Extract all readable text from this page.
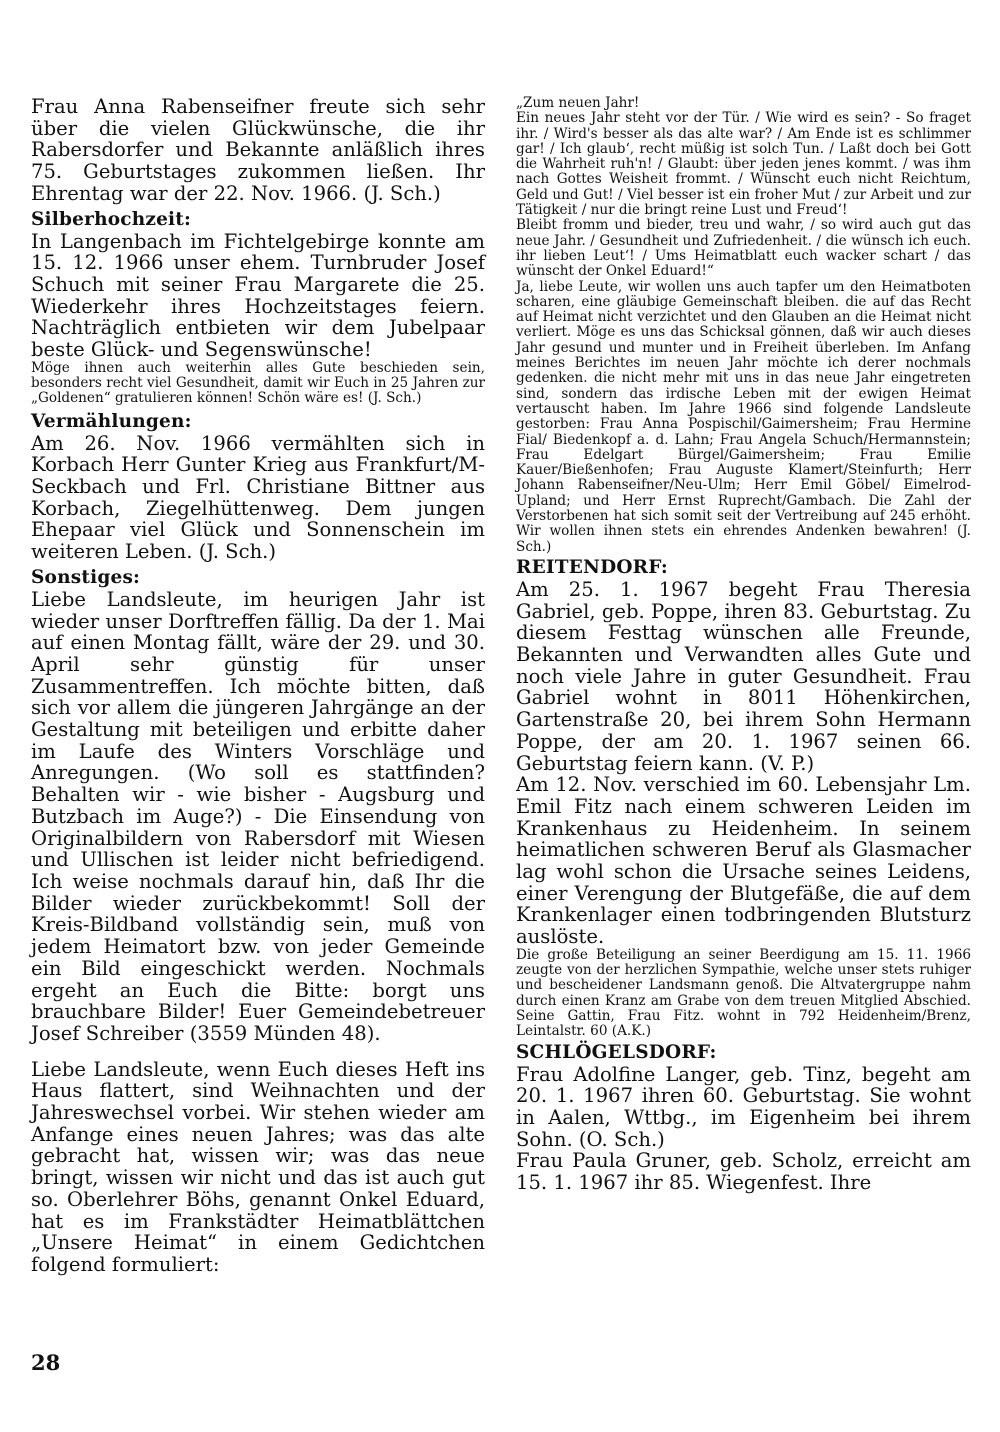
Frau Anna Rabenseifner freute sich sehr über die vielen Glückwünsche, die ihr Rabersdorfer und Bekannte anläßlich ihres 75. Geburtstages zukommen ließen. Ihr Ehrentag war der 22. Nov. 1966. (J. Sch.)

Silberhochzeit:

In Langenbach im Fichtelgebirge konnte am 15. 12. 1966 unser ehem. Turnbruder Josef Schuch mit seiner Frau Margarete die 25. Wiederkehr ihres Hochzeitstages feiern. Nachträglich entbieten wir dem Jubelpaar beste Glück- und Segenswünsche!

Möge ihnen auch weiterhin alles Gute beschieden sein, besonders recht viel Gesundheit, damit wir Euch in 25 Jahren zur „Goldenen“ gratulieren können! Schön wäre es! (J. Sch.)

Vermählungen:

Am 26. Nov. 1966 vermählten sich in Korbach Herr Gunter Krieg aus Frankfurt/M-Seckbach und Frl. Christiane Bittner aus Korbach, Ziegelhüttenweg. Dem jungen Ehepaar viel Glück und Sonnenschein im weiteren Leben. (J. Sch.)

Sonstiges:

Liebe Landsleute, im heurigen Jahr ist wieder unser Dorftreffen fällig. Da der 1. Mai auf einen Montag fällt, wäre der 29. und 30. April sehr günstig für unser Zusammentreffen. Ich möchte bitten, daß sich vor allem die jüngeren Jahrgänge an der Gestaltung mit beteiligen und erbitte daher im Laufe des Winters Vorschläge und Anregungen. (Wo soll es stattfinden? Behalten wir - wie bisher - Augsburg und Butzbach im Auge?) - Die Einsendung von Originalbildern von Rabersdorf mit Wiesen und Ullischen ist leider nicht befriedigend. Ich weise nochmals darauf hin, daß Ihr die Bilder wieder zurückbekommt! Soll der Kreis-Bildband vollständig sein, muß von jedem Heimatort bzw. von jeder Gemeinde ein Bild eingeschickt werden. Nochmals ergeht an Euch die Bitte: borgt uns brauchbare Bilder! Euer Gemeindebetreuer Josef Schreiber (3559 Münden 48).

Liebe Landsleute, wenn Euch dieses Heft ins Haus flattert, sind Weihnachten und der Jahreswechsel vorbei. Wir stehen wieder am Anfange eines neuen Jahres; was das alte gebracht hat, wissen wir; was das neue bringt, wissen wir nicht und das ist auch gut so. Oberlehrer Böhs, genannt Onkel Eduard, hat es im Frankstädter Heimatblättchen „Unsere Heimat“ in einem Gedichtchen folgend formuliert:

„Zum neuen Jahr!

Ein neues Jahr steht vor der Tür. / Wie wird es sein? - So fraget ihr. / Wird's besser als das alte war? / Am Ende ist es schlimmer gar! / Ich glaub‘, recht müßig ist solch Tun. / Laßt doch bei Gott die Wahrheit ruh'n! / Glaubt: über jeden jenes kommt. / was ihm nach Gottes Weisheit frommt. / Wünscht euch nicht Reichtum, Geld und Gut! / Viel besser ist ein froher Mut / zur Arbeit und zur Tätigkeit / nur die bringt reine Lust und Freud‘!

Bleibt fromm und bieder, treu und wahr, / so wird auch gut das neue Jahr. / Gesundheit und Zufriedenheit. / die wünsch ich euch. ihr lieben Leut‘! / Ums Heimatblatt euch wacker schart / das wünscht der Onkel Eduard!“

Ja, liebe Leute, wir wollen uns auch tapfer um den Heimatboten scharen, eine gläubige Gemeinschaft bleiben. die auf das Recht auf Heimat nicht verzichtet und den Glauben an die Heimat nicht verliert. Möge es uns das Schicksal gönnen, daß wir auch dieses Jahr gesund und munter und in Freiheit überleben. Im Anfang meines Berichtes im neuen Jahr möchte ich derer nochmals gedenken. die nicht mehr mit uns in das neue Jahr eingetreten sind, sondern das irdische Leben mit der ewigen Heimat vertauscht haben. Im Jahre 1966 sind folgende Landsleute gestorben: Frau Anna Pospischil/Gaimersheim; Frau Hermine Fial/ Biedenkopf a. d. Lahn; Frau Angela Schuch/Hermannstein; Frau Edelgart Bürgel/Gaimersheim; Frau Emilie Kauer/Bießenhofen; Frau Auguste Klamert/Steinfurth; Herr Johann Rabenseifner/Neu-Ulm; Herr Emil Göbel/ Eimelrod-Upland; und Herr Ernst Ruprecht/Gambach. Die Zahl der Verstorbenen hat sich somit seit der Vertreibung auf 245 erhöht. Wir wollen ihnen stets ein ehrendes Andenken bewahren! (J. Sch.)

REITENDORF:

Am 25. 1. 1967 begeht Frau Theresia Gabriel, geb. Poppe, ihren 83. Geburtstag. Zu diesem Festtag wünschen alle Freunde, Bekannten und Verwandten alles Gute und noch viele Jahre in guter Gesundheit. Frau Gabriel wohnt in 8011 Höhenkirchen, Gartenstraße 20, bei ihrem Sohn Hermann Poppe, der am 20. 1. 1967 seinen 66. Geburtstag feiern kann. (V. P.)

Am 12. Nov. verschied im 60. Lebensjahr Lm. Emil Fitz nach einem schweren Leiden im Krankenhaus zu Heidenheim. In seinem heimatlichen schweren Beruf als Glasmacher lag wohl schon die Ursache seines Leidens, einer Verengung der Blutgefäße, die auf dem Krankenlager einen todbringenden Blutsturz auslöste.

Die große Beteiligung an seiner Beerdigung am 15. 11. 1966 zeugte von der herzlichen Sympathie, welche unser stets ruhiger und bescheidener Landsmann genoß. Die Altvatergruppe nahm durch einen Kranz am Grabe von dem treuen Mitglied Abschied. Seine Gattin, Frau Fitz. wohnt in 792 Heidenheim/Brenz, Leintalstr. 60 (A.K.)

SCHLÖGELSDORF:

Frau Adolfine Langer, geb. Tinz, begeht am 20. 1. 1967 ihren 60. Geburtstag. Sie wohnt in Aalen, Wttbg., im Eigenheim bei ihrem Sohn. (O. Sch.)

Frau Paula Gruner, geb. Scholz, erreicht am 15. 1. 1967 ihr 85. Wiegenfest. Ihre

28
